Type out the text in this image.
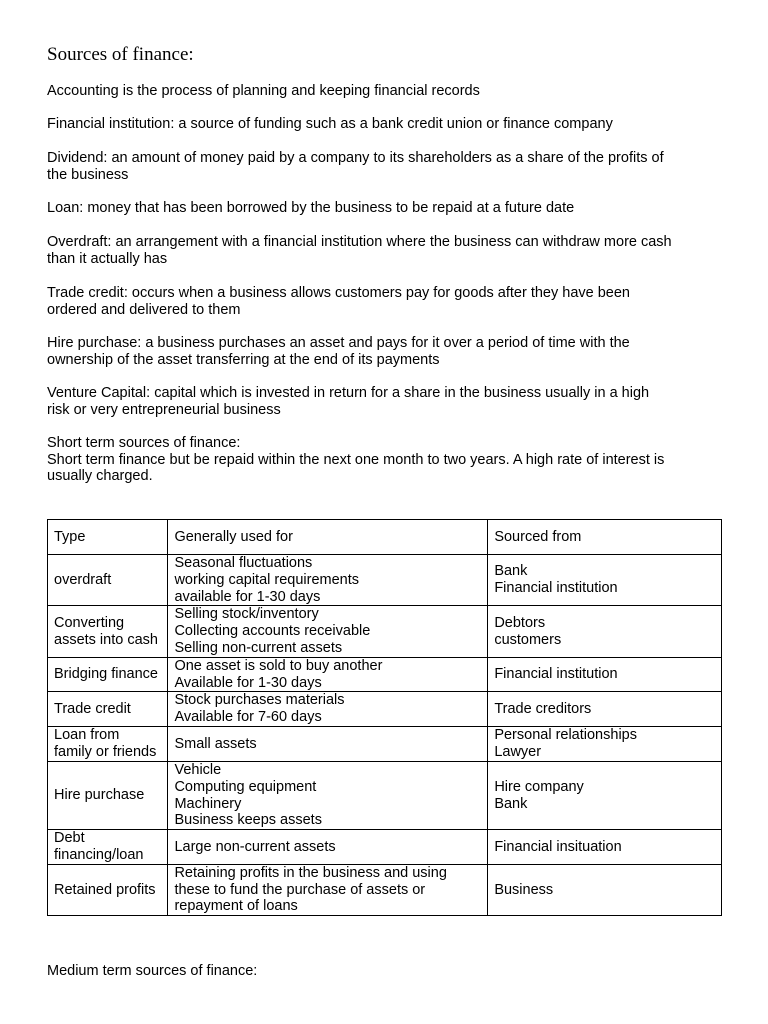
Sources of finance:

Accounting is the process of planning and keeping financial records

Financial institution: a source of funding such as a bank credit union or finance company

Dividend: an amount of money paid by a company to its shareholders as a share of the profits of
the business

Loan: money that has been borrowed by the business to be repaid at a future date

Overdraft: an arrangement with a financial institution where the business can withdraw more cash
than it actually has

Trade credit: occurs when a business allows customers pay for goods after they have been
ordered and delivered to them

Hire purchase: a business purchases an asset and pays for it over a period of time with the
ownership of the asset transferring at the end of its payments

Venture Capital: capital which is invested in return for a share in the business usually in a high
risk or very entrepreneurial business

Short term sources of finance:
Short term finance but be repaid within the next one month to two years. A high rate of interest is
usually charged.

Type	Generally used for	Sourced from

overdraft	Seasonal fluctuations
working capital requirements
available for 1-30 days	Bank
Financial institution

Converting
assets into cash	Selling stock/inventory
Collecting accounts receivable
Selling non-current assets	Debtors
customers

Bridging finance	One asset is sold to buy another
Available for 1-30 days	Financial institution

Trade credit	Stock purchases materials
Available for 7-60 days	Trade creditors

Loan from
family or friends	Small assets	Personal relationships
Lawyer

Hire purchase	Vehicle
Computing equipment
Machinery
Business keeps assets	Hire company
Bank

Debt
financing/loan	Large non-current assets	Financial insituation

Retained profits	Retaining profits in the business and using
these to fund the purchase of assets or
repayment of loans	Business
Medium term sources of finance:
